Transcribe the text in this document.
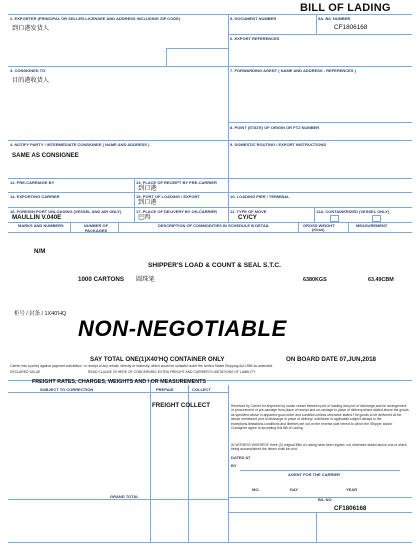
BILL OF LADING
2. EXPORTER (PRINCIPAL OR SELLER-LICENSEE AND ADDRESS INCLUDING ZIP CODE)
到口港发货人
5. DOCUMENT NUMBER	5A. B/L NUMBER
CF1806168
6. EXPORT REFERENCES
3. CONSIGNED TO
目的港收货人
7. FORWARDING AGENT ( NAME AND ADDRESS - REFERENCES )
8. POINT (STATE) OF ORIGIN OR FTZ NUMBER
4. NOTIFY PARTY / INTERMEDIATE CONSIGNEE ( NAME AND ADDRESS )
SAME AS CONSIGNEE
9. DOMESTIC ROUTING / EXPORT INSTRUCTIONS
12. PRE-CARRIAGE BY	13. PLACE OF RECEIPT BY PRE-CARRIER
到口港
14. EXPORTING CARRIER	15. PORT OF LOADING / EXPORT
到口港
10. LOADING PIER / TERMINAL
16. FOREIGN PORT UNLOADING (VESSEL AND AIR ONLY)
MAULLIN V.040E
17. PLACE OF DELIVERY BY ON-CARRIER
巴西
11. TYPE OF MOVE
CY/CY
11A. CONTAINERIZED (VESSEL ONLY)
MARKS AND NUMBERS	NUMBER OF PACKAGES
DESCRIPTION OF COMMODITIES IN SCHEDULE B DETAIL	GROSS WEIGHT
(Kilos)
MEASUREMENT
N/M
SHIPPER'S LOAD & COUNT & SEAL S.T.C.
1000 CARTONS 圆珠笔	6380KGS	63.49CBM
柜号 / 封条 / 1X40'HQ
NON-NEGOTIABLE
SAY TOTAL ONE(1)X40'HQ CONTAINER ONLY	ON BOARD DATE 07,JUN,2018
Carrier has a policy against payment,solicitation, or receipt of any rebate, directly or indirectly, which would be unlawful under the United States Shipping Act,1984 as amended.
DECLARED VALUE	READ CLAUSE 29 HERE OF CONCERNING EXTRA FREIGHT AND CARRIER'S LIMITATIONS OF LIABILITY
FREIGHT RATES, CHARGES, WEIGHTS AND / OR MEASUREMENTS
SUBJECT TO CORRECTION	PREPAID	COLLECT
FREIGHT COLLECT
GRAND TOTAL
Received by Carrier for shipment by ocean vessel between port of loading and port of discharge,and for arrangement or procurement of pre-carriage from place of receipt and on-carriage to place of delivery,where stated above the goods as specified above in apparent good order and condition unless otherwise stated.The goods to be delivered at the above mentioned port of discharge or place of delivery, whichever is applicable,subject always to the exceptions,limitations,conditions and liberties set out on the reverse side hereof,to which the Shipper and/or Consignee agree to accepting this Bill of Lading.
IN WITNESS WHEREOF three (3) original Bills of Lading have been signed, not otherwise stated above,one of which being accomplished the others shall be void.
DATED AT
BY
AGENT FOR THE CARRIER
MO.	DAY	YEAR
B/L NO.
CF1806168
